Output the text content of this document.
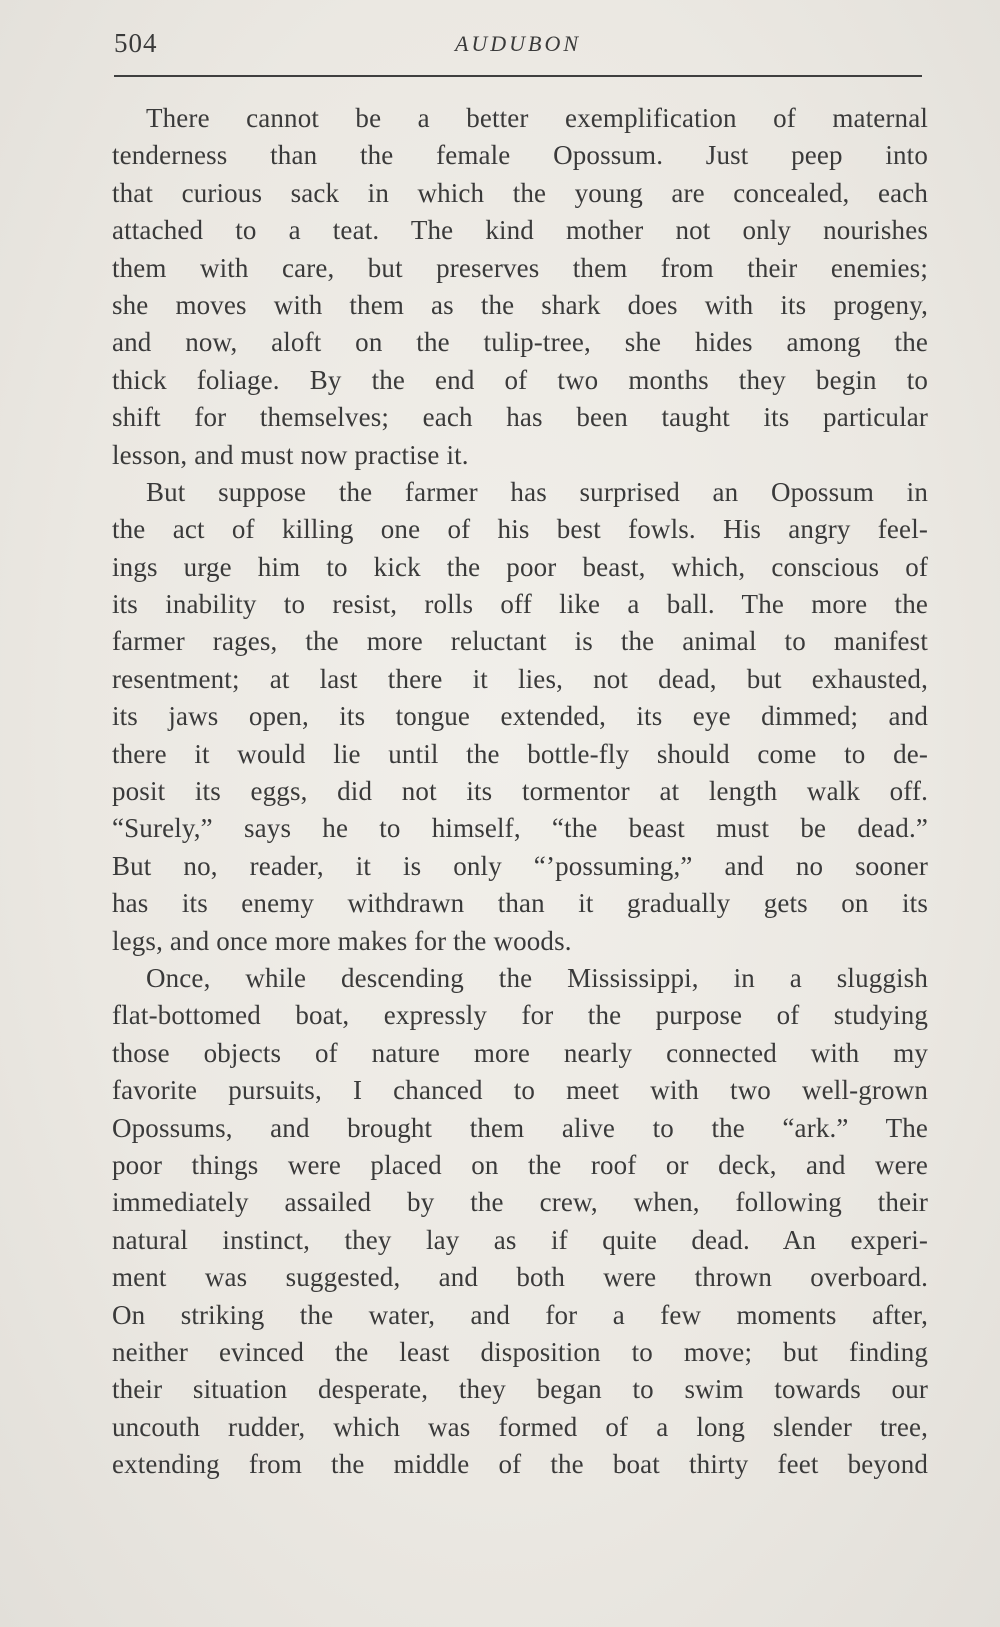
504	AUDUBON
There cannot be a better exemplification of maternal
tenderness than the female Opossum. Just peep into
that curious sack in which the young are concealed, each
attached to a teat. The kind mother not only nourishes
them with care, but preserves them from their enemies;
she moves with them as the shark does with its progeny,
and now, aloft on the tulip-tree, she hides among the
thick foliage. By the end of two months they begin to
shift for themselves; each has been taught its particular
lesson, and must now practise it.
But suppose the farmer has surprised an Opossum in
the act of killing one of his best fowls. His angry feel-
ings urge him to kick the poor beast, which, conscious of
its inability to resist, rolls off like a ball. The more the
farmer rages, the more reluctant is the animal to manifest
resentment; at last there it lies, not dead, but exhausted,
its jaws open, its tongue extended, its eye dimmed; and
there it would lie until the bottle-fly should come to de-
posit its eggs, did not its tormentor at length walk off.
“Surely,” says he to himself, “the beast must be dead.”
But no, reader, it is only “’possuming,” and no sooner
has its enemy withdrawn than it gradually gets on its
legs, and once more makes for the woods.
Once, while descending the Mississippi, in a sluggish
flat-bottomed boat, expressly for the purpose of studying
those objects of nature more nearly connected with my
favorite pursuits, I chanced to meet with two well-grown
Opossums, and brought them alive to the “ark.” The
poor things were placed on the roof or deck, and were
immediately assailed by the crew, when, following their
natural instinct, they lay as if quite dead. An experi-
ment was suggested, and both were thrown overboard.
On striking the water, and for a few moments after,
neither evinced the least disposition to move; but finding
their situation desperate, they began to swim towards our
uncouth rudder, which was formed of a long slender tree,
extending from the middle of the boat thirty feet beyond
